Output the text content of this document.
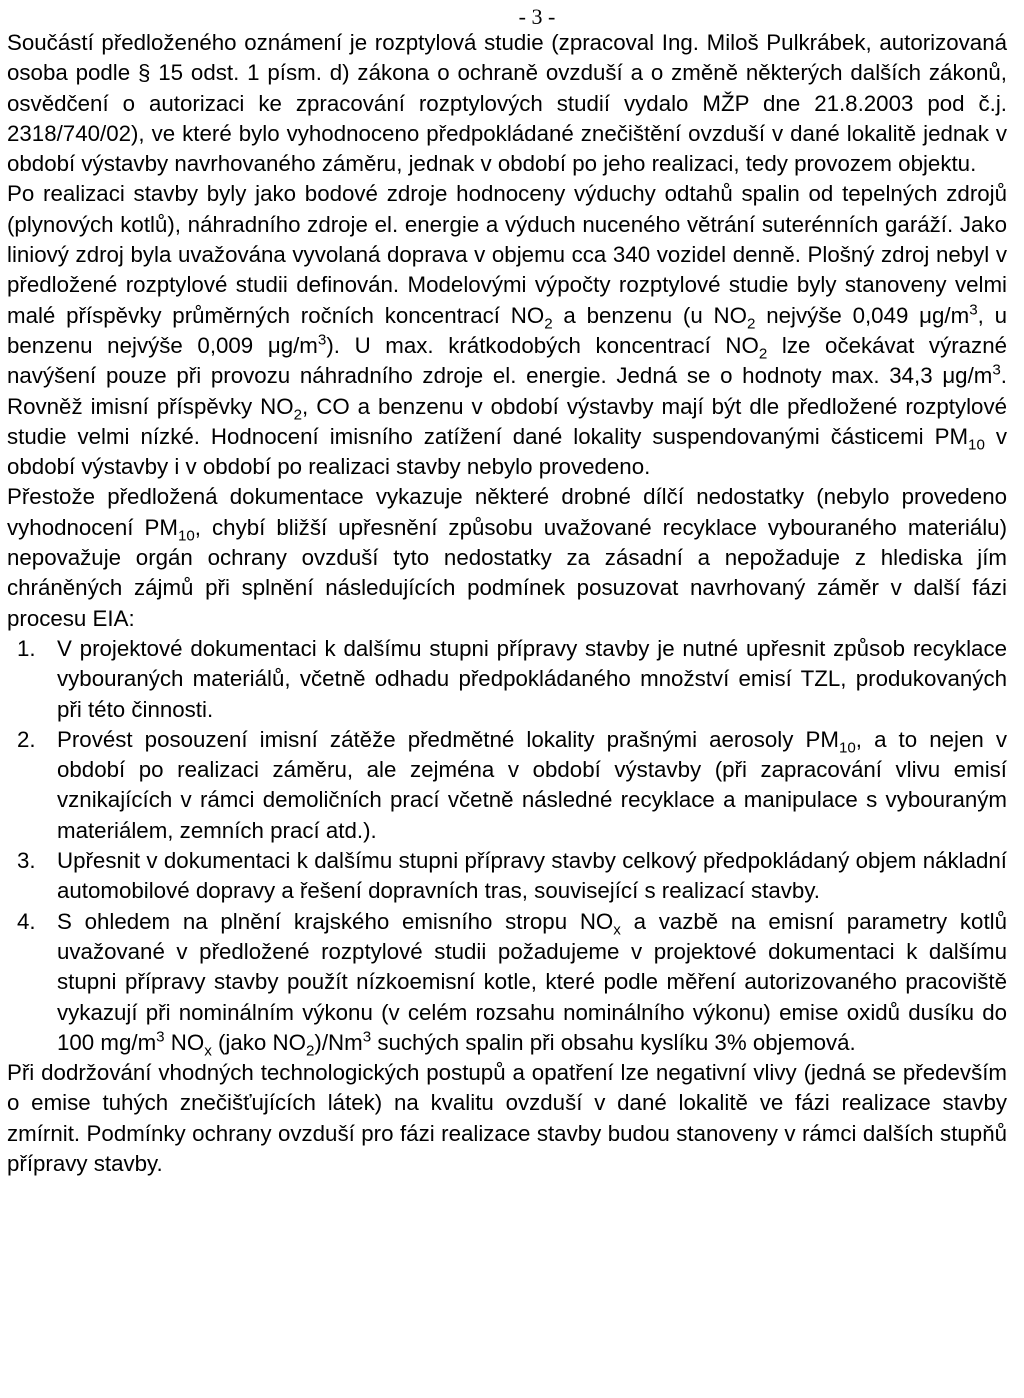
- 3 -

Součástí předloženého oznámení je rozptylová studie (zpracoval Ing. Miloš Pulkrábek, autorizovaná osoba podle § 15 odst. 1 písm. d) zákona o ochraně ovzduší a o změně některých dalších zákonů, osvědčení o autorizaci ke zpracování rozptylových studií vydalo MŽP dne 21.8.2003 pod č.j. 2318/740/02), ve které bylo vyhodnoceno předpokládané znečištění ovzduší v dané lokalitě jednak v období výstavby navrhovaného záměru, jednak v období po jeho realizaci, tedy provozem objektu.

Po realizaci stavby byly jako bodové zdroje hodnoceny výduchy odtahů spalin od tepelných zdrojů (plynových kotlů), náhradního zdroje el. energie a výduch nuceného větrání suterénních garáží. Jako liniový zdroj byla uvažována vyvolaná doprava v objemu cca 340 vozidel denně. Plošný zdroj nebyl v předložené rozptylové studii definován. Modelovými výpočty rozptylové studie byly stanoveny velmi malé příspěvky průměrných ročních koncentrací $NO_2$ a benzenu (u $NO_2$ nejvýše 0,049 $\mu g/m^3$, u benzenu nejvýše 0,009 $\mu g/m^3$). U max. krátkodobých koncentrací $NO_2$ lze očekávat výrazné navýšení pouze při provozu náhradního zdroje el. energie. Jedná se o hodnoty max. 34,3 $\mu g/m^3$. Rovněž imisní příspěvky $NO_2$, CO a benzenu v období výstavby mají být dle předložené rozptylové studie velmi nízké. Hodnocení imisního zatížení dané lokality suspendovanými částicemi $PM_{10}$ v období výstavby i v období po realizaci stavby nebylo provedeno.

Přestože předložená dokumentace vykazuje některé drobné dílčí nedostatky (nebylo provedeno vyhodnocení $PM_{10}$, chybí bližší upřesnění způsobu uvažované recyklace vybouraného materiálu) nepovažuje orgán ochrany ovzduší tyto nedostatky za zásadní a nepožaduje z hlediska jím chráněných zájmů při splnění následujících podmínek posuzovat navrhovaný záměr v další fázi procesu EIA:

1. V projektové dokumentaci k dalšímu stupni přípravy stavby je nutné upřesnit způsob recyklace vybouraných materiálů, včetně odhadu předpokládaného množství emisí TZL, produkovaných při této činnosti.
2. Provést posouzení imisní zátěže předmětné lokality prašnými aerosoly $PM_{10}$, a to nejen v období po realizaci záměru, ale zejména v období výstavby (při zapracování vlivu emisí vznikajících v rámci demoličních prací včetně následné recyklace a manipulace s vybouraným materiálem, zemních prací atd.).
3. Upřesnit v dokumentaci k dalšímu stupni přípravy stavby celkový předpokládaný objem nákladní automobilové dopravy a řešení dopravních tras, související s realizací stavby.
4. S ohledem na plnění krajského emisního stropu $NO_x$ a vazbě na emisní parametry kotlů uvažované v předložené rozptylové studii požadujeme v projektové dokumentaci k dalšímu stupni přípravy stavby použít nízkoemisní kotle, které podle měření autorizovaného pracoviště vykazují při nominálním výkonu (v celém rozsahu nominálního výkonu) emise oxidů dusíku do 100 $mg/m^3$ $NO_x$ (jako $NO_2)/Nm^3$ suchých spalin při obsahu kyslíku 3% objemová.

Při dodržování vhodných technologických postupů a opatření lze negativní vlivy (jedná se především o emise tuhých znečišťujících látek) na kvalitu ovzduší v dané lokalitě ve fázi realizace stavby zmírnit. Podmínky ochrany ovzduší pro fázi realizace stavby budou stanoveny v rámci dalších stupňů přípravy stavby.
